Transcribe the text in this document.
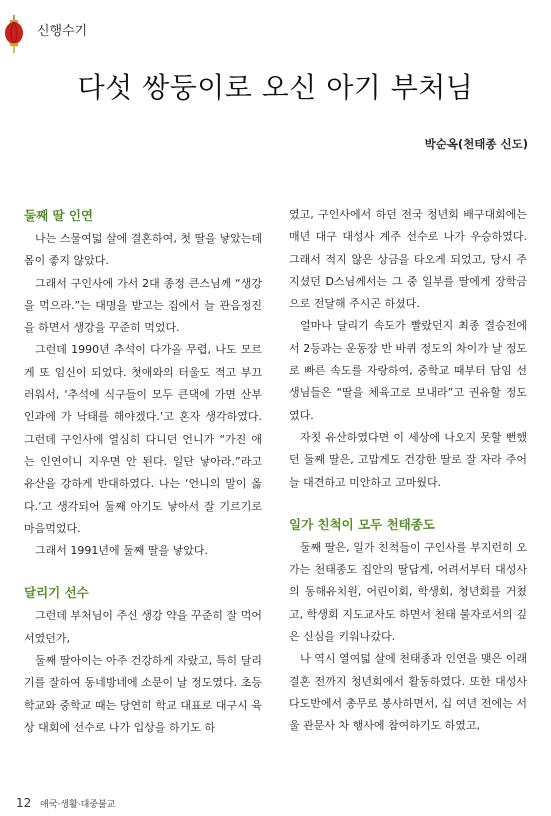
신행수기
다섯 쌍둥이로 오신 아기 부처님
박순옥(천태종 신도)
둘째 딸 인연

나는 스물여덟 살에 결혼하여, 첫 딸을 낳았는데 몸이 좋지 않았다.

그래서 구인사에 가서 2대 종정 큰스님께 “생강을 먹으라.”는 대명을 받고는 집에서 늘 관음정진을 하면서 생강을 꾸준히 먹었다.

그런데 1990년 추석이 다가올 무렵, 나도 모르게 또 임신이 되었다. 첫애와의 터울도 적고 부끄러워서, ‘추석에 식구들이 모두 큰댁에 가면 산부인과에 가 낙태를 해야겠다.’고 혼자 생각하였다. 그런데 구인사에 열심히 다니던 언니가 “가진 애는 인연이니 지우면 안 된다. 일단 낳아라.”라고 유산을 강하게 반대하였다. 나는 ‘언니의 말이 옳다.’고 생각되어 둘째 아기도 낳아서 잘 기르기로 마음먹었다.

그래서 1991년에 둘째 딸을 낳았다.

달리기 선수

그런데 부처님이 주신 생강 약을 꾸준히 잘 먹어서였던가,

둘째 딸아이는 아주 건강하게 자랐고, 특히 달리기를 잘하여 동네방네에 소문이 날 정도였다. 초등학교와 중학교 때는 당연히 학교 대표로 대구시 육상 대회에 선수로 나가 입상을 하기도 하

였고, 구인사에서 하던 전국 청년회 배구대회에는 매년 대구 대성사 계주 선수로 나가 우승하였다. 그래서 적지 않은 상금을 타오게 되었고, 당시 주지셨던 D스님께서는 그 중 일부를 딸에게 장학금으로 전달해 주시곤 하셨다.

얼마나 달리기 속도가 빨랐던지 최종 결승전에서 2등과는 운동장 반 바퀴 정도의 차이가 날 정도로 빠른 속도를 자랑하여, 중학교 때부터 담임 선생님들은 “딸을 체육고로 보내라”고 권유할 정도였다.

자칫 유산하였다면 이 세상에 나오지 못할 뻔했던 둘째 딸은, 고맙게도 건강한 딸로 잘 자라 주어 늘 대견하고 미안하고 고마웠다.

일가 친척이 모두 천태종도

둘째 딸은, 일가 친척들이 구인사를 부지런히 오가는 천태종도 집안의 딸답게, 어려서부터 대성사의 동해유치원, 어린이회, 학생회, 청년회를 거쳤고, 학생회 지도교사도 하면서 천태 불자로서의 깊은 신심을 키워나갔다.

나 역시 열여덟 살에 천태종과 인연을 맺은 이래 결혼 전까지 청년회에서 활동하였다. 또한 대성사 다도반에서 총무로 봉사하면서, 십 여년 전에는 서울 관문사 차 행사에 참여하기도 하였고,

12 애국·생활·대중불교
